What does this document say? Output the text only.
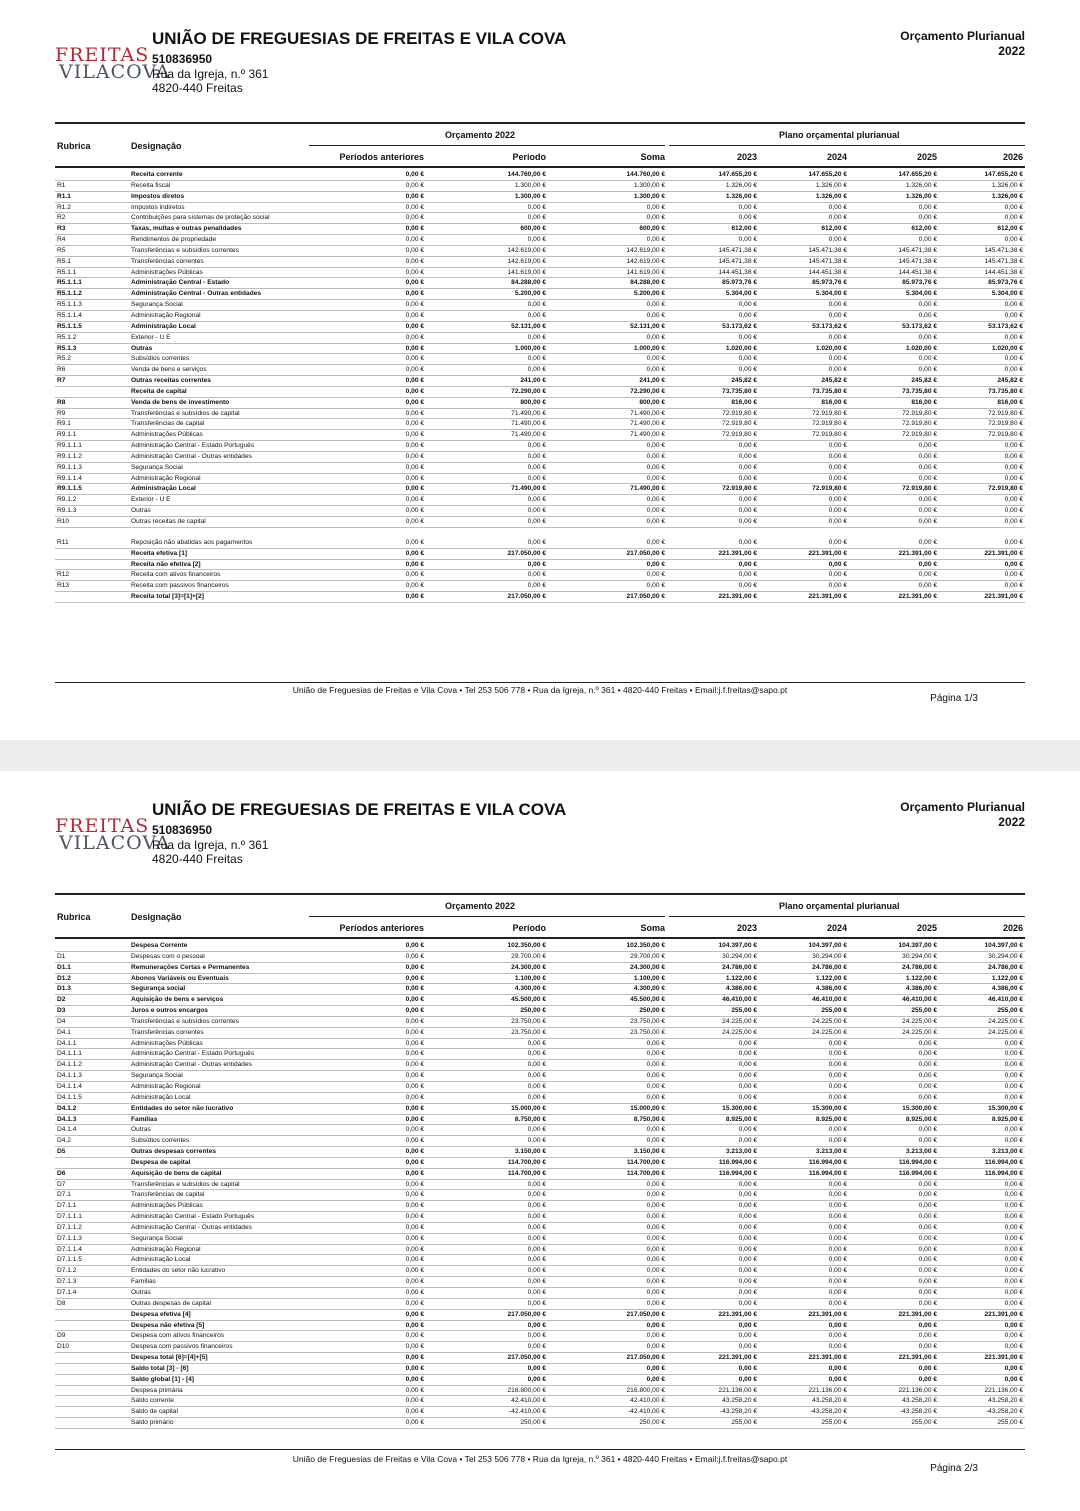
FREITAS
VILACOVA
UNIÃO DE FREGUESIAS DE FREITAS E VILA COVA
510836950
Rua da Igreja, n.º 361
4820-440 Freitas
Orçamento Plurianual
2022
Rubrica	Designação
Orçamento 2022	Plano orçamental plurianual
Períodos anteriores	Período	Soma	2023	2024	2025	2026
Receita corrente	0,00 €	144.760,00 €	144.760,00 €	147.655,20 €	147.655,20 €	147.655,20 €	147.655,20 €
R1	Receita fiscal	0,00 €	1.300,00 €	1.300,00 €	1.326,00 €	1.326,00 €	1.326,00 €	1.326,00 €
R1.1	Impostos diretos	0,00 €	1.300,00 €	1.300,00 €	1.326,00 €	1.326,00 €	1.326,00 €	1.326,00 €
R1.2	Impostos indiretos	0,00 €	0,00 €	0,00 €	0,00 €	0,00 €	0,00 €	0,00 €
R2	Contribuições para sistemas de proteção social	0,00 €	0,00 €	0,00 €	0,00 €	0,00 €	0,00 €	0,00 €
R3	Taxas, multas e outras penalidades	0,00 €	600,00 €	600,00 €	612,00 €	612,00 €	612,00 €	612,00 €
R4	Rendimentos de propriedade	0,00 €	0,00 €	0,00 €	0,00 €	0,00 €	0,00 €	0,00 €
R5	Transferências e subsídios correntes	0,00 €	142.619,00 €	142.619,00 €	145.471,38 €	145.471,38 €	145.471,38 €	145.471,38 €
R5.1	Transferências correntes	0,00 €	142.619,00 €	142.619,00 €	145.471,38 €	145.471,38 €	145.471,38 €	145.471,38 €
R5.1.1	Administrações Públicas	0,00 €	141.619,00 €	141.619,00 €	144.451,38 €	144.451,38 €	144.451,38 €	144.451,38 €
R5.1.1.1	Administração Central - Estado	0,00 €	84.288,00 €	84.288,00 €	85.973,76 €	85.973,76 €	85.973,76 €	85.973,76 €
R5.1.1.2	Administração Central - Outras entidades	0,00 €	5.200,00 €	5.200,00 €	5.304,00 €	5.304,00 €	5.304,00 €	5.304,00 €
R5.1.1.3	Segurança Social	0,00 €	0,00 €	0,00 €	0,00 €	0,00 €	0,00 €	0,00 €
R5.1.1.4	Administração Regional	0,00 €	0,00 €	0,00 €	0,00 €	0,00 €	0,00 €	0,00 €
R5.1.1.5	Administração Local	0,00 €	52.131,00 €	52.131,00 €	53.173,62 €	53.173,62 €	53.173,62 €	53.173,62 €
R5.1.2	Exterior - U E	0,00 €	0,00 €	0,00 €	0,00 €	0,00 €	0,00 €	0,00 €
R5.1.3	Outras	0,00 €	1.000,00 €	1.000,00 €	1.020,00 €	1.020,00 €	1.020,00 €	1.020,00 €
R5.2	Subsídios correntes	0,00 €	0,00 €	0,00 €	0,00 €	0,00 €	0,00 €	0,00 €
R6	Venda de bens e serviços	0,00 €	0,00 €	0,00 €	0,00 €	0,00 €	0,00 €	0,00 €
R7	Outras receitas correntes	0,00 €	241,00 €	241,00 €	245,82 €	245,82 €	245,82 €	245,82 €
Receita de capital	0,00 €	72.290,00 €	72.290,00 €	73.735,80 €	73.735,80 €	73.735,80 €	73.735,80 €
R8	Venda de bens de investimento	0,00 €	800,00 €	800,00 €	816,00 €	816,00 €	816,00 €	816,00 €
R9	Transferências e subsídios de capital	0,00 €	71.490,00 €	71.490,00 €	72.919,80 €	72.919,80 €	72.919,80 €	72.919,80 €
R9.1	Transferências de capital	0,00 €	71.490,00 €	71.490,00 €	72.919,80 €	72.919,80 €	72.919,80 €	72.919,80 €
R9.1.1	Administrações Públicas	0,00 €	71.490,00 €	71.490,00 €	72.919,80 €	72.919,80 €	72.919,80 €	72.919,80 €
R9.1.1.1	Administração Central - Estado Português	0,00 €	0,00 €	0,00 €	0,00 €	0,00 €	0,00 €	0,00 €
R9.1.1.2	Administração Central - Outras entidades	0,00 €	0,00 €	0,00 €	0,00 €	0,00 €	0,00 €	0,00 €
R9.1.1.3	Segurança Social	0,00 €	0,00 €	0,00 €	0,00 €	0,00 €	0,00 €	0,00 €
R9.1.1.4	Administração Regional	0,00 €	0,00 €	0,00 €	0,00 €	0,00 €	0,00 €	0,00 €
R9.1.1.5	Administração Local	0,00 €	71.490,00 €	71.490,00 €	72.919,80 €	72.919,80 €	72.919,80 €	72.919,80 €
R9.1.2	Exterior - U E	0,00 €	0,00 €	0,00 €	0,00 €	0,00 €	0,00 €	0,00 €
R9.1.3	Outras	0,00 €	0,00 €	0,00 €	0,00 €	0,00 €	0,00 €	0,00 €
R10	Outras receitas de capital	0,00 €	0,00 €	0,00 €	0,00 €	0,00 €	0,00 €	0,00 €
R11	Reposição não abatidas aos pagamentos	0,00 €	0,00 €	0,00 €	0,00 €	0,00 €	0,00 €	0,00 €
Receita efetiva [1]	0,00 €	217.050,00 €	217.050,00 €	221.391,00 €	221.391,00 €	221.391,00 €	221.391,00 €
Receita não efetiva [2]	0,00 €	0,00 €	0,00 €	0,00 €	0,00 €	0,00 €	0,00 €
R12	Receita com ativos financeiros	0,00 €	0,00 €	0,00 €	0,00 €	0,00 €	0,00 €	0,00 €
R13	Receita com passivos financeiros	0,00 €	0,00 €	0,00 €	0,00 €	0,00 €	0,00 €	0,00 €
Receita total [3]=[1]+[2]	0,00 €	217.050,00 €	217.050,00 €	221.391,00 €	221.391,00 €	221.391,00 €	221.391,00 €
União de Freguesias de Freitas e Vila Cova • Tel 253 506 778 • Rua da Igreja, n.º 361 • 4820-440 Freitas • Email:j.f.freitas@sapo.pt
Página 1/3
FREITAS
VILACOVA
UNIÃO DE FREGUESIAS DE FREITAS E VILA COVA
510836950
Rua da Igreja, n.º 361
4820-440 Freitas
Orçamento Plurianual
2022
Rubrica	Designação
Orçamento 2022	Plano orçamental plurianual
Períodos anteriores	Período	Soma	2023	2024	2025	2026
Despesa Corrente	0,00 €	102.350,00 €	102.350,00 €	104.397,00 €	104.397,00 €	104.397,00 €	104.397,00 €
D1	Despesas com o pessoal	0,00 €	29.700,00 €	29.700,00 €	30.294,00 €	30.294,00 €	30.294,00 €	30.294,00 €
D1.1	Remunerações Certas e Permanentes	0,00 €	24.300,00 €	24.300,00 €	24.786,00 €	24.786,00 €	24.786,00 €	24.786,00 €
D1.2	Abonos Variáveis ou Eventuais	0,00 €	1.100,00 €	1.100,00 €	1.122,00 €	1.122,00 €	1.122,00 €	1.122,00 €
D1.3	Segurança social	0,00 €	4.300,00 €	4.300,00 €	4.386,00 €	4.386,00 €	4.386,00 €	4.386,00 €
D2	Aquisição de bens e serviços	0,00 €	45.500,00 €	45.500,00 €	46.410,00 €	46.410,00 €	46.410,00 €	46.410,00 €
D3	Juros e outros encargos	0,00 €	250,00 €	250,00 €	255,00 €	255,00 €	255,00 €	255,00 €
D4	Transferências e subsídios correntes	0,00 €	23.750,00 €	23.750,00 €	24.225,00 €	24.225,00 €	24.225,00 €	24.225,00 €
D4.1	Transferências correntes	0,00 €	23.750,00 €	23.750,00 €	24.225,00 €	24.225,00 €	24.225,00 €	24.225,00 €
D4.1.1	Administrações Públicas	0,00 €	0,00 €	0,00 €	0,00 €	0,00 €	0,00 €	0,00 €
D4.1.1.1	Administração Central - Estado Português	0,00 €	0,00 €	0,00 €	0,00 €	0,00 €	0,00 €	0,00 €
D4.1.1.2	Administração Central - Outras entidades	0,00 €	0,00 €	0,00 €	0,00 €	0,00 €	0,00 €	0,00 €
D4.1.1.3	Segurança Social	0,00 €	0,00 €	0,00 €	0,00 €	0,00 €	0,00 €	0,00 €
D4.1.1.4	Administração Regional	0,00 €	0,00 €	0,00 €	0,00 €	0,00 €	0,00 €	0,00 €
D4.1.1.5	Administração Local	0,00 €	0,00 €	0,00 €	0,00 €	0,00 €	0,00 €	0,00 €
D4.1.2	Entidades do setor não lucrativo	0,00 €	15.000,00 €	15.000,00 €	15.300,00 €	15.300,00 €	15.300,00 €	15.300,00 €
D4.1.3	Famílias	0,00 €	8.750,00 €	8.750,00 €	8.925,00 €	8.925,00 €	8.925,00 €	8.925,00 €
D4.1.4	Outras	0,00 €	0,00 €	0,00 €	0,00 €	0,00 €	0,00 €	0,00 €
D4.2	Subsídios correntes	0,00 €	0,00 €	0,00 €	0,00 €	0,00 €	0,00 €	0,00 €
D5	Outras despesas correntes	0,00 €	3.150,00 €	3.150,00 €	3.213,00 €	3.213,00 €	3.213,00 €	3.213,00 €
Despesa de capital	0,00 €	114.700,00 €	114.700,00 €	116.994,00 €	116.994,00 €	116.994,00 €	116.994,00 €
D6	Aquisição de bens de capital	0,00 €	114.700,00 €	114.700,00 €	116.994,00 €	116.994,00 €	116.994,00 €	116.994,00 €
D7	Transferências e subsídios de capital	0,00 €	0,00 €	0,00 €	0,00 €	0,00 €	0,00 €	0,00 €
D7.1	Transferências de capital	0,00 €	0,00 €	0,00 €	0,00 €	0,00 €	0,00 €	0,00 €
D7.1.1	Administrações Públicas	0,00 €	0,00 €	0,00 €	0,00 €	0,00 €	0,00 €	0,00 €
D7.1.1.1	Administração Central - Estado Português	0,00 €	0,00 €	0,00 €	0,00 €	0,00 €	0,00 €	0,00 €
D7.1.1.2	Administração Central - Outras entidades	0,00 €	0,00 €	0,00 €	0,00 €	0,00 €	0,00 €	0,00 €
D7.1.1.3	Segurança Social	0,00 €	0,00 €	0,00 €	0,00 €	0,00 €	0,00 €	0,00 €
D7.1.1.4	Administração Regional	0,00 €	0,00 €	0,00 €	0,00 €	0,00 €	0,00 €	0,00 €
D7.1.1.5	Administração Local	0,00 €	0,00 €	0,00 €	0,00 €	0,00 €	0,00 €	0,00 €
D7.1.2	Entidades do setor não lucrativo	0,00 €	0,00 €	0,00 €	0,00 €	0,00 €	0,00 €	0,00 €
D7.1.3	Famílias	0,00 €	0,00 €	0,00 €	0,00 €	0,00 €	0,00 €	0,00 €
D7.1.4	Outras	0,00 €	0,00 €	0,00 €	0,00 €	0,00 €	0,00 €	0,00 €
D8	Outras despesas de capital	0,00 €	0,00 €	0,00 €	0,00 €	0,00 €	0,00 €	0,00 €
Despesa efetiva [4]	0,00 €	217.050,00 €	217.050,00 €	221.391,00 €	221.391,00 €	221.391,00 €	221.391,00 €
Despesa não efetiva [5]	0,00 €	0,00 €	0,00 €	0,00 €	0,00 €	0,00 €	0,00 €
D9	Despesa com ativos financeiros	0,00 €	0,00 €	0,00 €	0,00 €	0,00 €	0,00 €	0,00 €
D10	Despesa com passivos financeiros	0,00 €	0,00 €	0,00 €	0,00 €	0,00 €	0,00 €	0,00 €
Despesa total [6]=[4]+[5]	0,00 €	217.050,00 €	217.050,00 €	221.391,00 €	221.391,00 €	221.391,00 €	221.391,00 €
Saldo total [3] - [6]	0,00 €	0,00 €	0,00 €	0,00 €	0,00 €	0,00 €	0,00 €
Saldo global [1] - [4]	0,00 €	0,00 €	0,00 €	0,00 €	0,00 €	0,00 €	0,00 €
Despesa primária	0,00 €	216.800,00 €	216.800,00 €	221.136,00 €	221.136,00 €	221.136,00 €	221.136,00 €
Saldo corrente	0,00 €	42.410,00 €	42.410,00 €	43.258,20 €	43.258,20 €	43.258,20 €	43.258,20 €
Saldo de capital	0,00 €	-42.410,00 €	-42.410,00 €	-43.258,20 €	-43.258,20 €	-43.258,20 €	-43.258,20 €
Saldo primário	0,00 €	250,00 €	250,00 €	255,00 €	255,00 €	255,00 €	255,00 €
União de Freguesias de Freitas e Vila Cova • Tel 253 506 778 • Rua da Igreja, n.º 361 • 4820-440 Freitas • Email:j.f.freitas@sapo.pt
Página 2/3
